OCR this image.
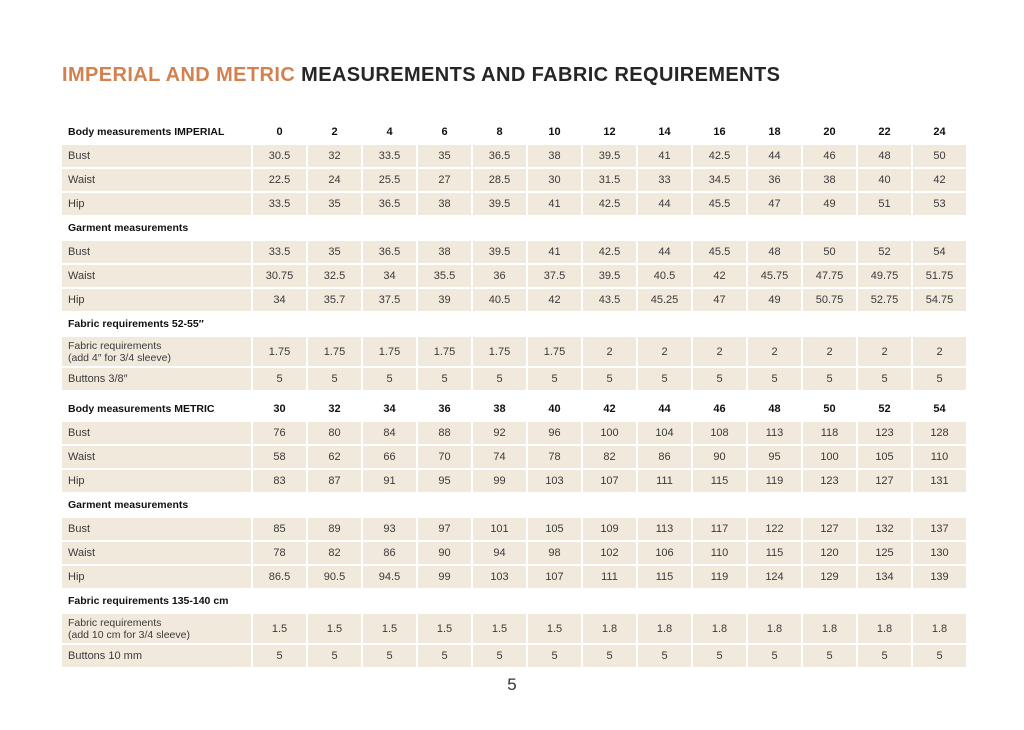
IMPERIAL AND METRIC MEASUREMENTS AND FABRIC REQUIREMENTS
Body measurements IMPERIAL	0	2	4	6	8	10	12	14	16	18	20	22	24
Bust	30.5	32	33.5	35	36.5	38	39.5	41	42.5	44	46	48	50
Waist	22.5	24	25.5	27	28.5	30	31.5	33	34.5	36	38	40	42
Hip	33.5	35	36.5	38	39.5	41	42.5	44	45.5	47	49	51	53
Garment measurements													
Bust	33.5	35	36.5	38	39.5	41	42.5	44	45.5	48	50	52	54
Waist	30.75	32.5	34	35.5	36	37.5	39.5	40.5	42	45.75	47.75	49.75	51.75
Hip	34	35.7	37.5	39	40.5	42	43.5	45.25	47	49	50.75	52.75	54.75
Fabric requirements 52-55″													

Fabric requirements
(add 4″ for 3/4 sleeve)	1.75	1.75	1.75	1.75	1.75	1.75	2	2	2	2	2	2	2
Buttons 3/8″	5	5	5	5	5	5	5	5	5	5	5	5	5

Body measurements METRIC	30	32	34	36	38	40	42	44	46	48	50	52	54
Bust	76	80	84	88	92	96	100	104	108	113	118	123	128
Waist	58	62	66	70	74	78	82	86	90	95	100	105	110
Hip	83	87	91	95	99	103	107	111	115	119	123	127	131
Garment measurements													
Bust	85	89	93	97	101	105	109	113	117	122	127	132	137
Waist	78	82	86	90	94	98	102	106	110	115	120	125	130
Hip	86.5	90.5	94.5	99	103	107	111	115	119	124	129	134	139
Fabric requirements 135-140 cm													

Fabric requirements
(add 10 cm for 3/4 sleeve)	1.5	1.5	1.5	1.5	1.5	1.5	1.8	1.8	1.8	1.8	1.8	1.8	1.8
Buttons 10 mm	5	5	5	5	5	5	5	5	5	5	5	5	5
5
